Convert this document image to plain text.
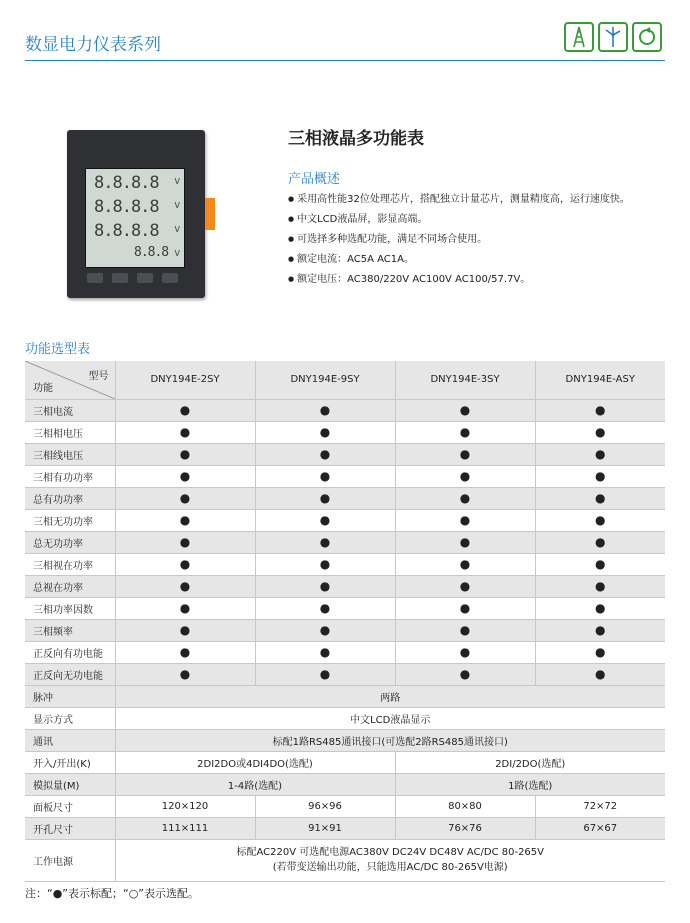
数显电力仪表系列
8.8.8.8 V
8.8.8.8 V
8.8.8.8 V
8.8.8 V
三相液晶多功能表
产品概述
● 采用高性能32位处理芯片，搭配独立计量芯片，测量精度高，运行速度快。
● 中文LCD液晶屏，影显高端。
● 可选择多种选配功能，满足不同场合使用。
● 额定电流：AC5A AC1A。
● 额定电压：AC380/220V AC100V AC100/57.7V。
功能选型表
型号
功能	DNY194E-2SY	DNY194E-9SY	DNY194E-3SY	DNY194E-ASY
三相电流	●	●	●	●
三相相电压	●	●	●	●
三相线电压	●	●	●	●
三相有功功率	●	●	●	●
总有功功率	●	●	●	●
三相无功功率	●	●	●	●
总无功功率	●	●	●	●
三相视在功率	●	●	●	●
总视在功率	●	●	●	●
三相功率因数	●	●	●	●
三相频率	●	●	●	●
正反向有功电能	●	●	●	●
正反向无功电能	●	●	●	●
脉冲	两路			
显示方式	中文LCD液晶显示			
通讯	标配1路RS485通讯接口(可选配2路RS485通讯接口)			
开入/开出(K)	2DI2DO或4DI4DO(选配)		2DI/2DO(选配)	
模拟量(M)	1-4路(选配)		1路(选配)	
面板尺寸	120×120	96×96	80×80	72×72
开孔尺寸	111×111	91×91	76×76	67×67
工作电源	标配AC220V 可选配电源AC380V DC24V DC48V AC/DC 80-265V
(若带变送输出功能，只能选用AC/DC 80-265V电源)			
注：“●”表示标配；“○”表示选配。
